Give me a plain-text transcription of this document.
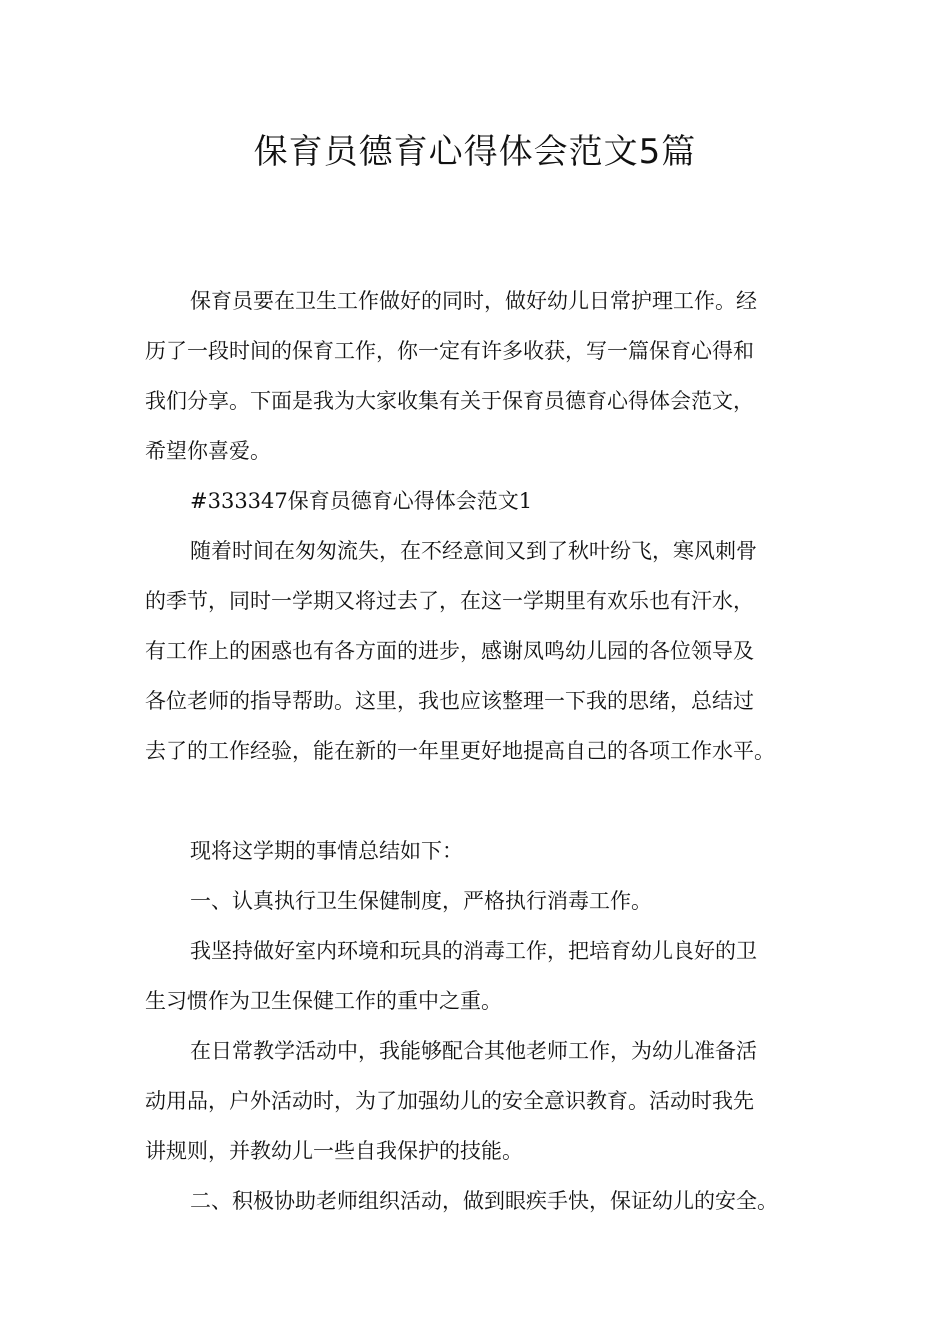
保育员德育心得体会范文5篇
保育员要在卫生工作做好的同时，做好幼儿日常护理工作。经
历了一段时间的保育工作，你一定有许多收获，写一篇保育心得和
我们分享。下面是我为大家收集有关于保育员德育心得体会范文，
希望你喜爱。
#333347保育员德育心得体会范文1
随着时间在匆匆流失，在不经意间又到了秋叶纷飞，寒风刺骨
的季节，同时一学期又将过去了，在这一学期里有欢乐也有汗水，
有工作上的困惑也有各方面的进步，感谢凤鸣幼儿园的各位领导及
各位老师的指导帮助。这里，我也应该整理一下我的思绪，总结过
去了的工作经验，能在新的一年里更好地提高自己的各项工作水平。
现将这学期的事情总结如下：
一、认真执行卫生保健制度，严格执行消毒工作。
我坚持做好室内环境和玩具的消毒工作，把培育幼儿良好的卫
生习惯作为卫生保健工作的重中之重。
在日常教学活动中，我能够配合其他老师工作，为幼儿准备活
动用品，户外活动时，为了加强幼儿的安全意识教育。活动时我先
讲规则，并教幼儿一些自我保护的技能。
二、积极协助老师组织活动，做到眼疾手快，保证幼儿的安全。
